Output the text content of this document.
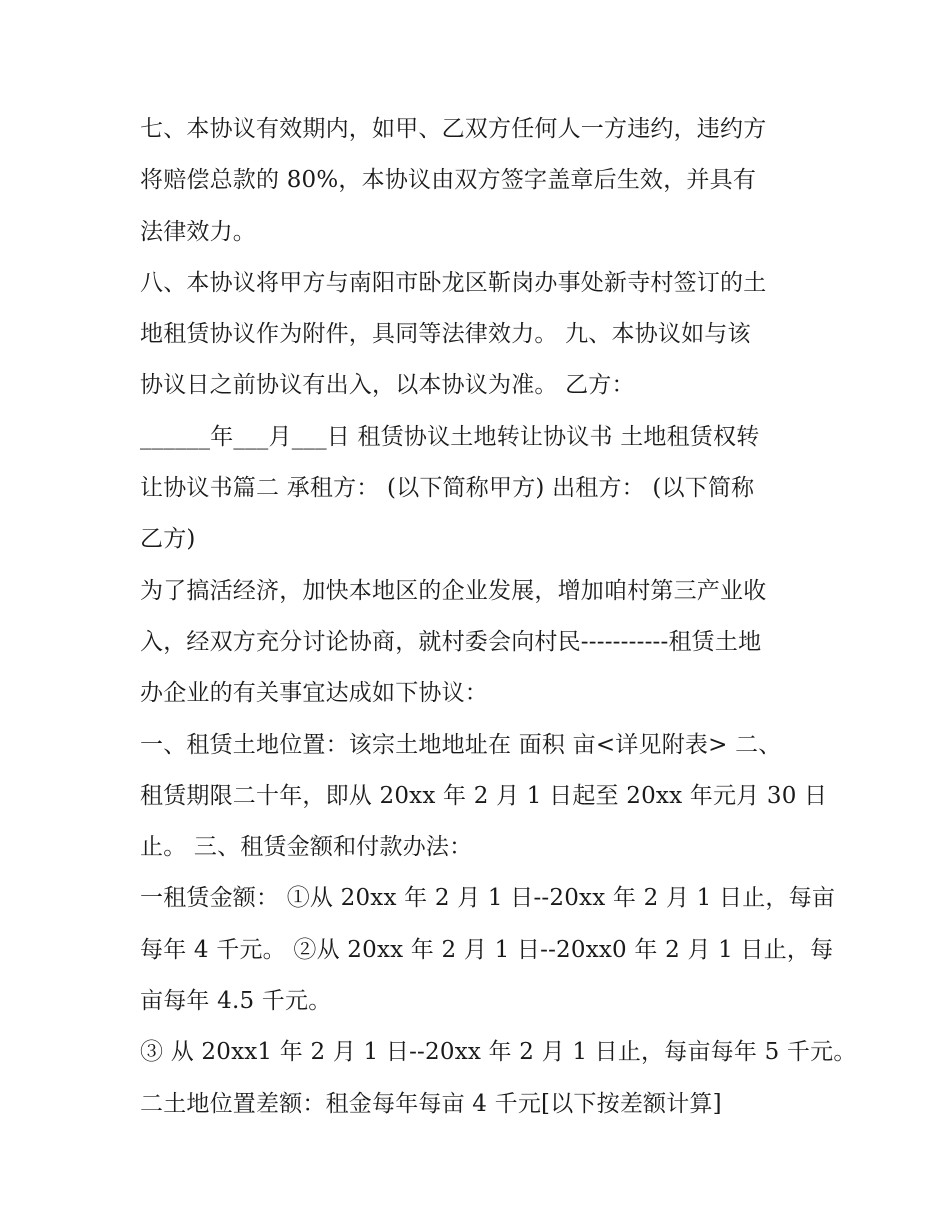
七、本协议有效期内，如甲、乙双方任何人一方违约，违约方
将赔偿总款的 80%，本协议由双方签字盖章后生效，并具有
法律效力。
八、本协议将甲方与南阳市卧龙区靳岗办事处新寺村签订的土
地租赁协议作为附件，具同等法律效力。 九、本协议如与该
协议日之前协议有出入，以本协议为准。 乙方：
______年___月___日 租赁协议土地转让协议书 土地租赁权转
让协议书篇二 承租方： (以下简称甲方) 出租方： (以下简称
乙方)
为了搞活经济，加快本地区的企业发展，增加咱村第三产业收
入，经双方充分讨论协商，就村委会向村民-----------租赁土地
办企业的有关事宜达成如下协议：
一、租赁土地位置：该宗土地地址在 面积 亩<详见附表> 二、
租赁期限二十年，即从 20xx 年 2 月 1 日起至 20xx 年元月 30 日
止。 三、租赁金额和付款办法：
一租赁金额： ①从 20xx 年 2 月 1 日--20xx 年 2 月 1 日止，每亩
每年 4 千元。 ②从 20xx 年 2 月 1 日--20xx0 年 2 月 1 日止，每
亩每年 4.5 千元。
③ 从 20xx1 年 2 月 1 日--20xx 年 2 月 1 日止，每亩每年 5 千元。
二土地位置差额：租金每年每亩 4 千元[以下按差额计算]
